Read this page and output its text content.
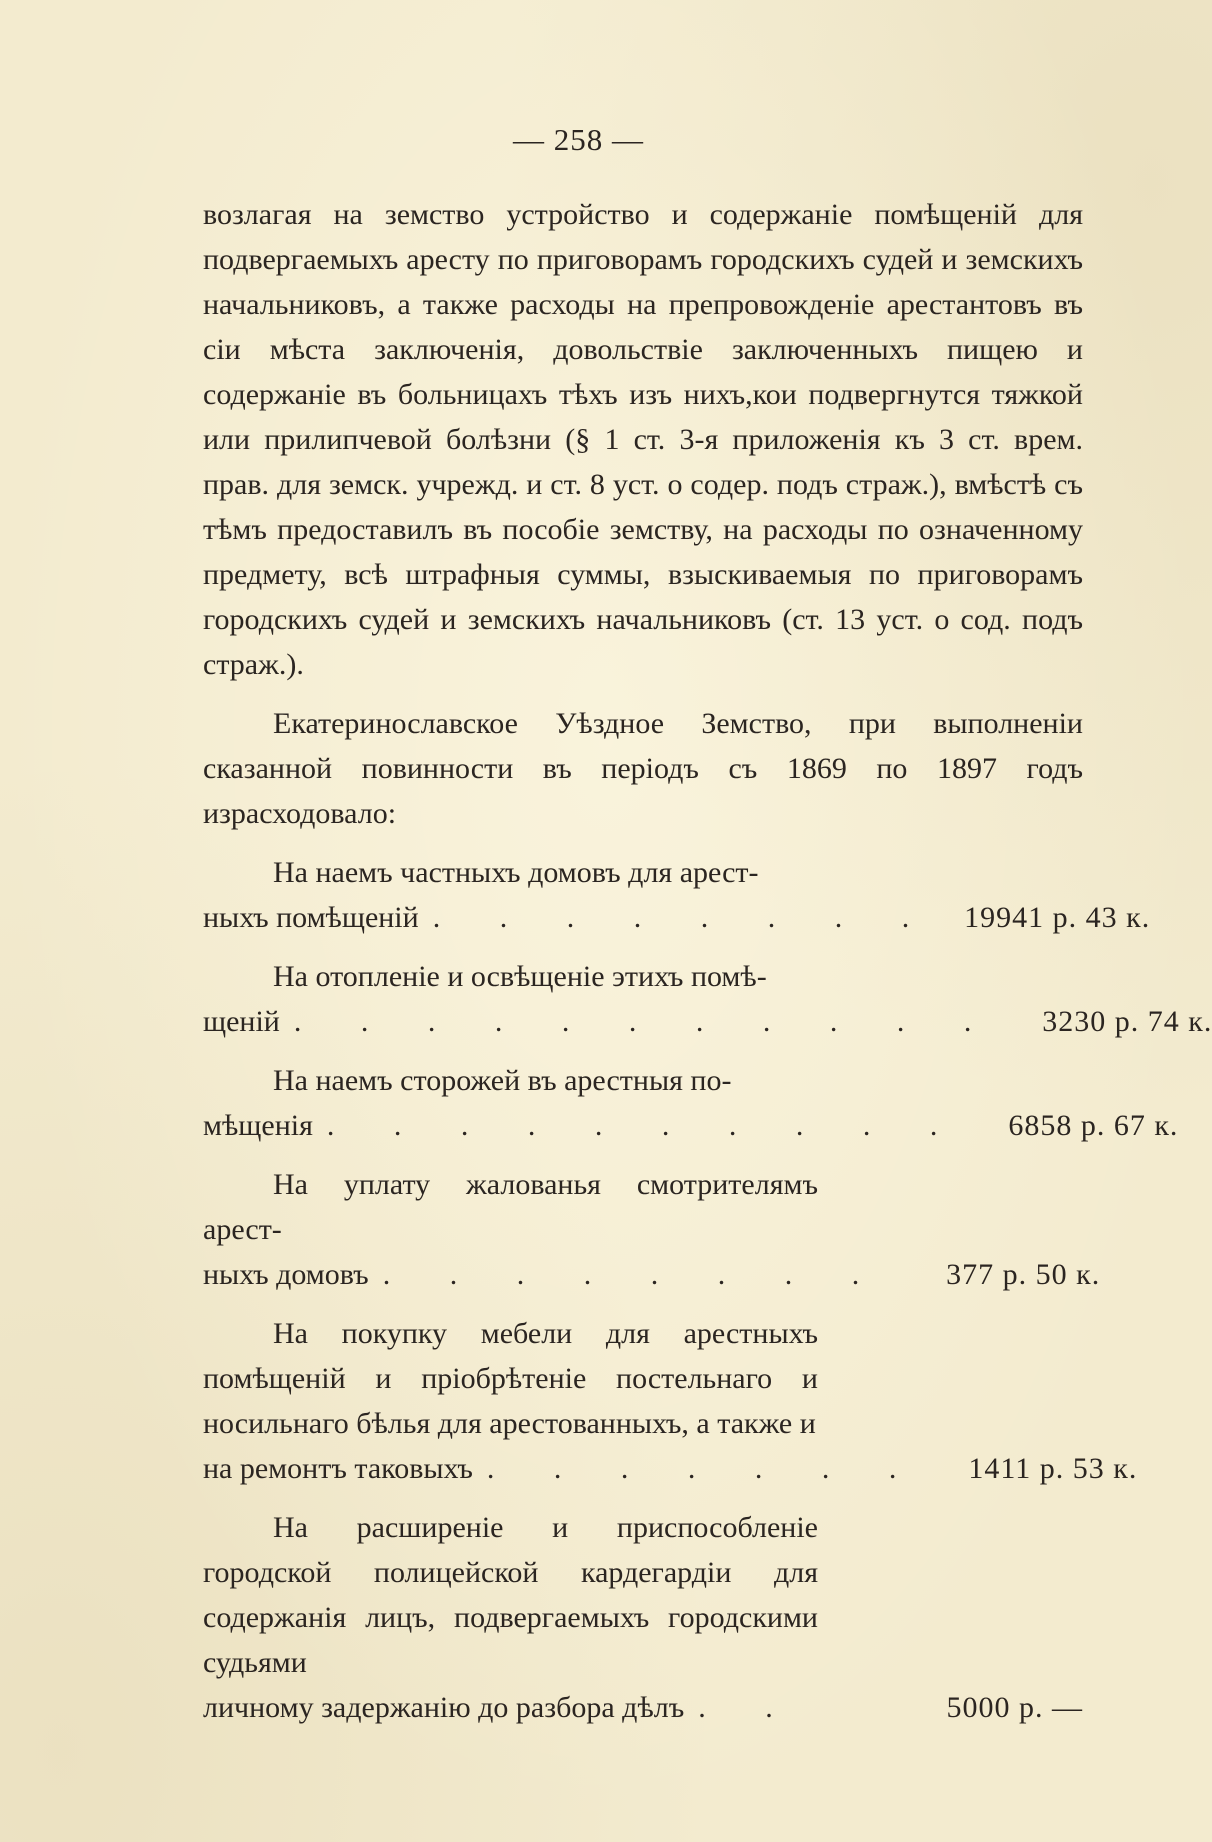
— 258 —

возлагая на земство устройство и содержаніе помѣщеній для подвергаемыхъ аресту по приговорамъ городскихъ судей и земскихъ начальниковъ, а также расходы на препровожденіе арестантовъ въ сіи мѣста заключенія, довольствіе заключенныхъ пищею и содержаніе въ больницахъ тѣхъ изъ нихъ,кои подвергнутся тяжкой или прилипчевой болѣзни (§ 1 ст. 3-я приложенія къ 3 ст. врем. прав. для земск. учрежд. и ст. 8 уст. о содер. подъ страж.), вмѣстѣ съ тѣмъ предоставилъ въ пособіе земству, на расходы по означенному предмету, всѣ штрафныя суммы, взыскиваемыя по приговорамъ городскихъ судей и земскихъ начальниковъ (ст. 13 уст. о сод. подъ страж.).

Екатеринославское Уѣздное Земство, при выполненіи сказанной повинности въ періодъ съ 1869 по 1897 годъ израсходовало:

На наемъ частныхъ домовъ для арест-

ныхъ помѣщеній . . . . . . . . 19941 р. 43 к.

На отопленіе и освѣщеніе этихъ помѣ-

щеній . . . . . . . . . . .	3230 р. 74 к.

На наемъ сторожей въ арестныя по-

мѣщенія . . . . . . . . . .	6858 р. 67 к.

На уплату жалованья смотрителямъ арест-

ныхъ домовъ . . . . . . . .	377 р. 50 к.

На покупку мебели для арестныхъ помѣщеній и пріобрѣтеніе постельнаго и носильнаго бѣлья для арестованныхъ, а также и

на ремонтъ таковыхъ . . . . . . .	1411 р. 53 к.

На расширеніе и приспособленіе городской полицейской кардегардіи для содержанія лицъ, подвергаемыхъ городскими судьями

личному задержанію до разбора дѣлъ . .	5000 р. —
